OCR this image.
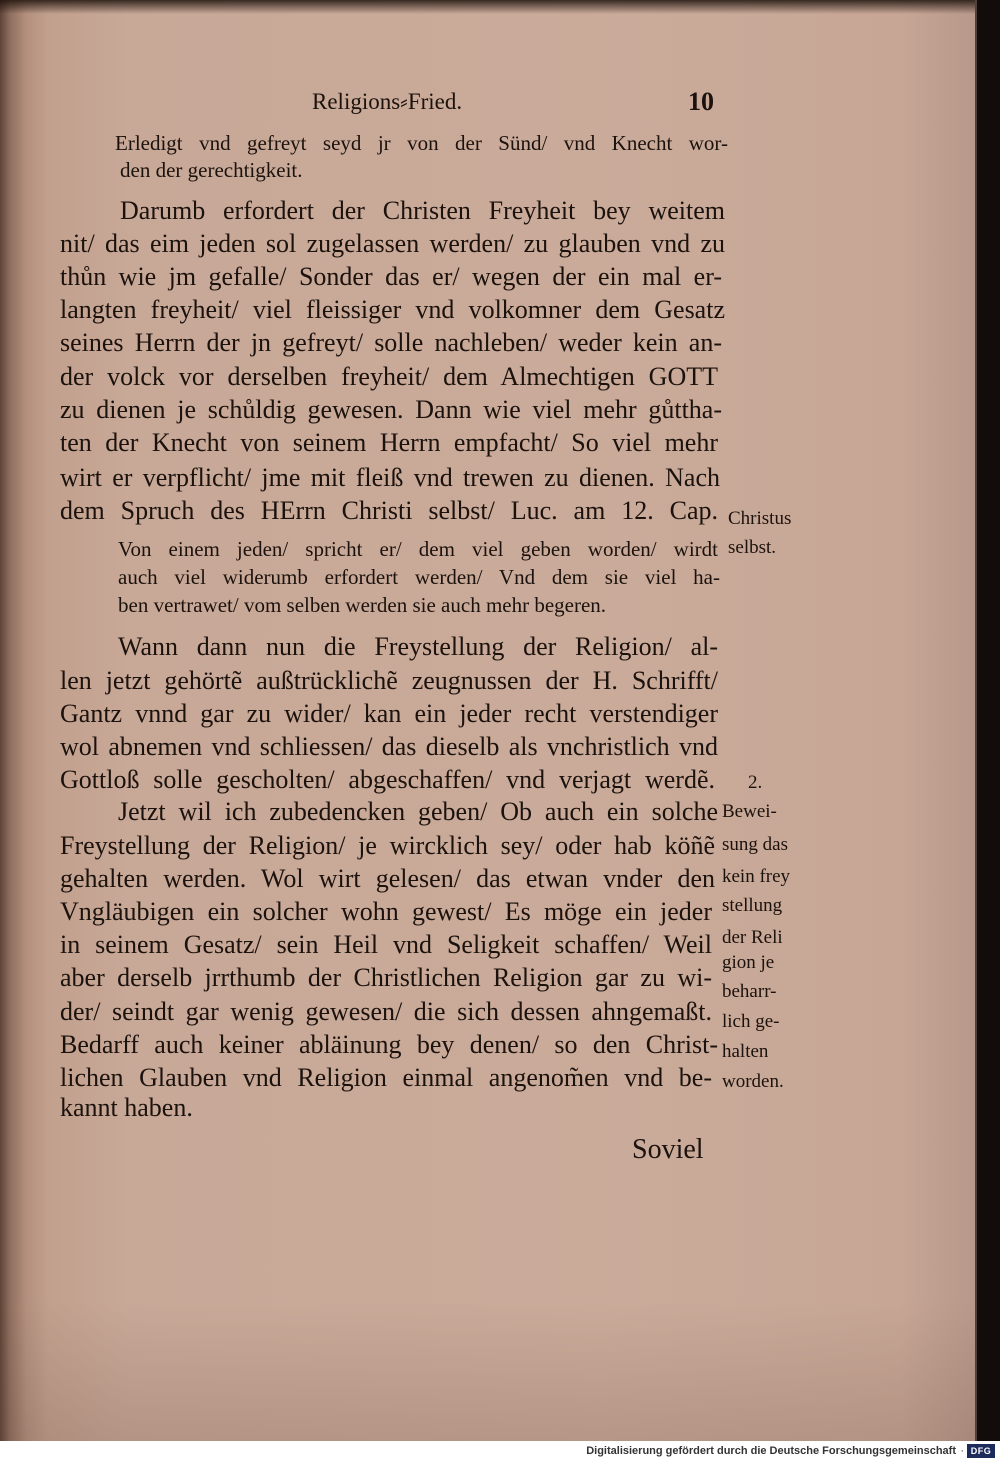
Religions⸗Fried.	10
Erledigt vnd gefreyt seyd jr von der Sünd/ vnd Knecht wor-
den der gerechtigkeit.
Darumb erfordert der Christen Freyheit bey weitem
nit/ das eim jeden sol zugelassen werden/ zu glauben vnd zu
thůn wie jm gefalle/ Sonder das er/ wegen der ein mal er-
langten freyheit/ viel fleissiger vnd volkomner dem Gesatz
seines Herrn der jn gefreyt/ solle nachleben/ weder kein an-
der volck vor derselben freyheit/ dem Almechtigen GOTT
zu dienen je schůldig gewesen. Dann wie viel mehr gůttha-
ten der Knecht von seinem Herrn empfacht/ So viel mehr
wirt er verpflicht/ jme mit fleiß vnd trewen zu dienen. Nach
dem Spruch des HErrn Christi selbst/ Luc. am 12. Cap. Christus
selbst.
Von einem jeden/ spricht er/ dem viel geben worden/ wirdt
auch viel widerumb erfordert werden/ Vnd dem sie viel ha-
ben vertrawet/ vom selben werden sie auch mehr begeren.
Wann dann nun die Freystellung der Religion/ al-
len jetzt gehörtẽ außtrücklichẽ zeugnussen der H. Schrifft/
Gantz vnnd gar zu wider/ kan ein jeder recht verstendiger
wol abnemen vnd schliessen/ das dieselb als vnchristlich vnd
Gottloß solle gescholten/ abgeschaffen/ vnd verjagt werdẽ. 2.
Jetzt wil ich zubedencken geben/ Ob auch ein solche
Freystellung der Religion/ je wircklich sey/ oder hab köñẽ
gehalten werden. Wol wirt gelesen/ das etwan vnder den
Vngläubigen ein solcher wohn gewest/ Es möge ein jeder
in seinem Gesatz/ sein Heil vnd Seligkeit schaffen/ Weil
aber derselb jrrthumb der Christlichen Religion gar zu wi-
der/ seindt gar wenig gewesen/ die sich dessen ahngemaßt.
Bedarff auch keiner abläinung bey denen/ so den Christ-
lichen Glauben vnd Religion einmal angenom̃en vnd be-
kannt haben.
Bewei-
sung das
kein frey
stellung
der Reli
gion je
beharr-
lich ge-
halten
worden.
Soviel
Digitalisierung gefördert durch die Deutsche Forschungsgemeinschaft · DFG
